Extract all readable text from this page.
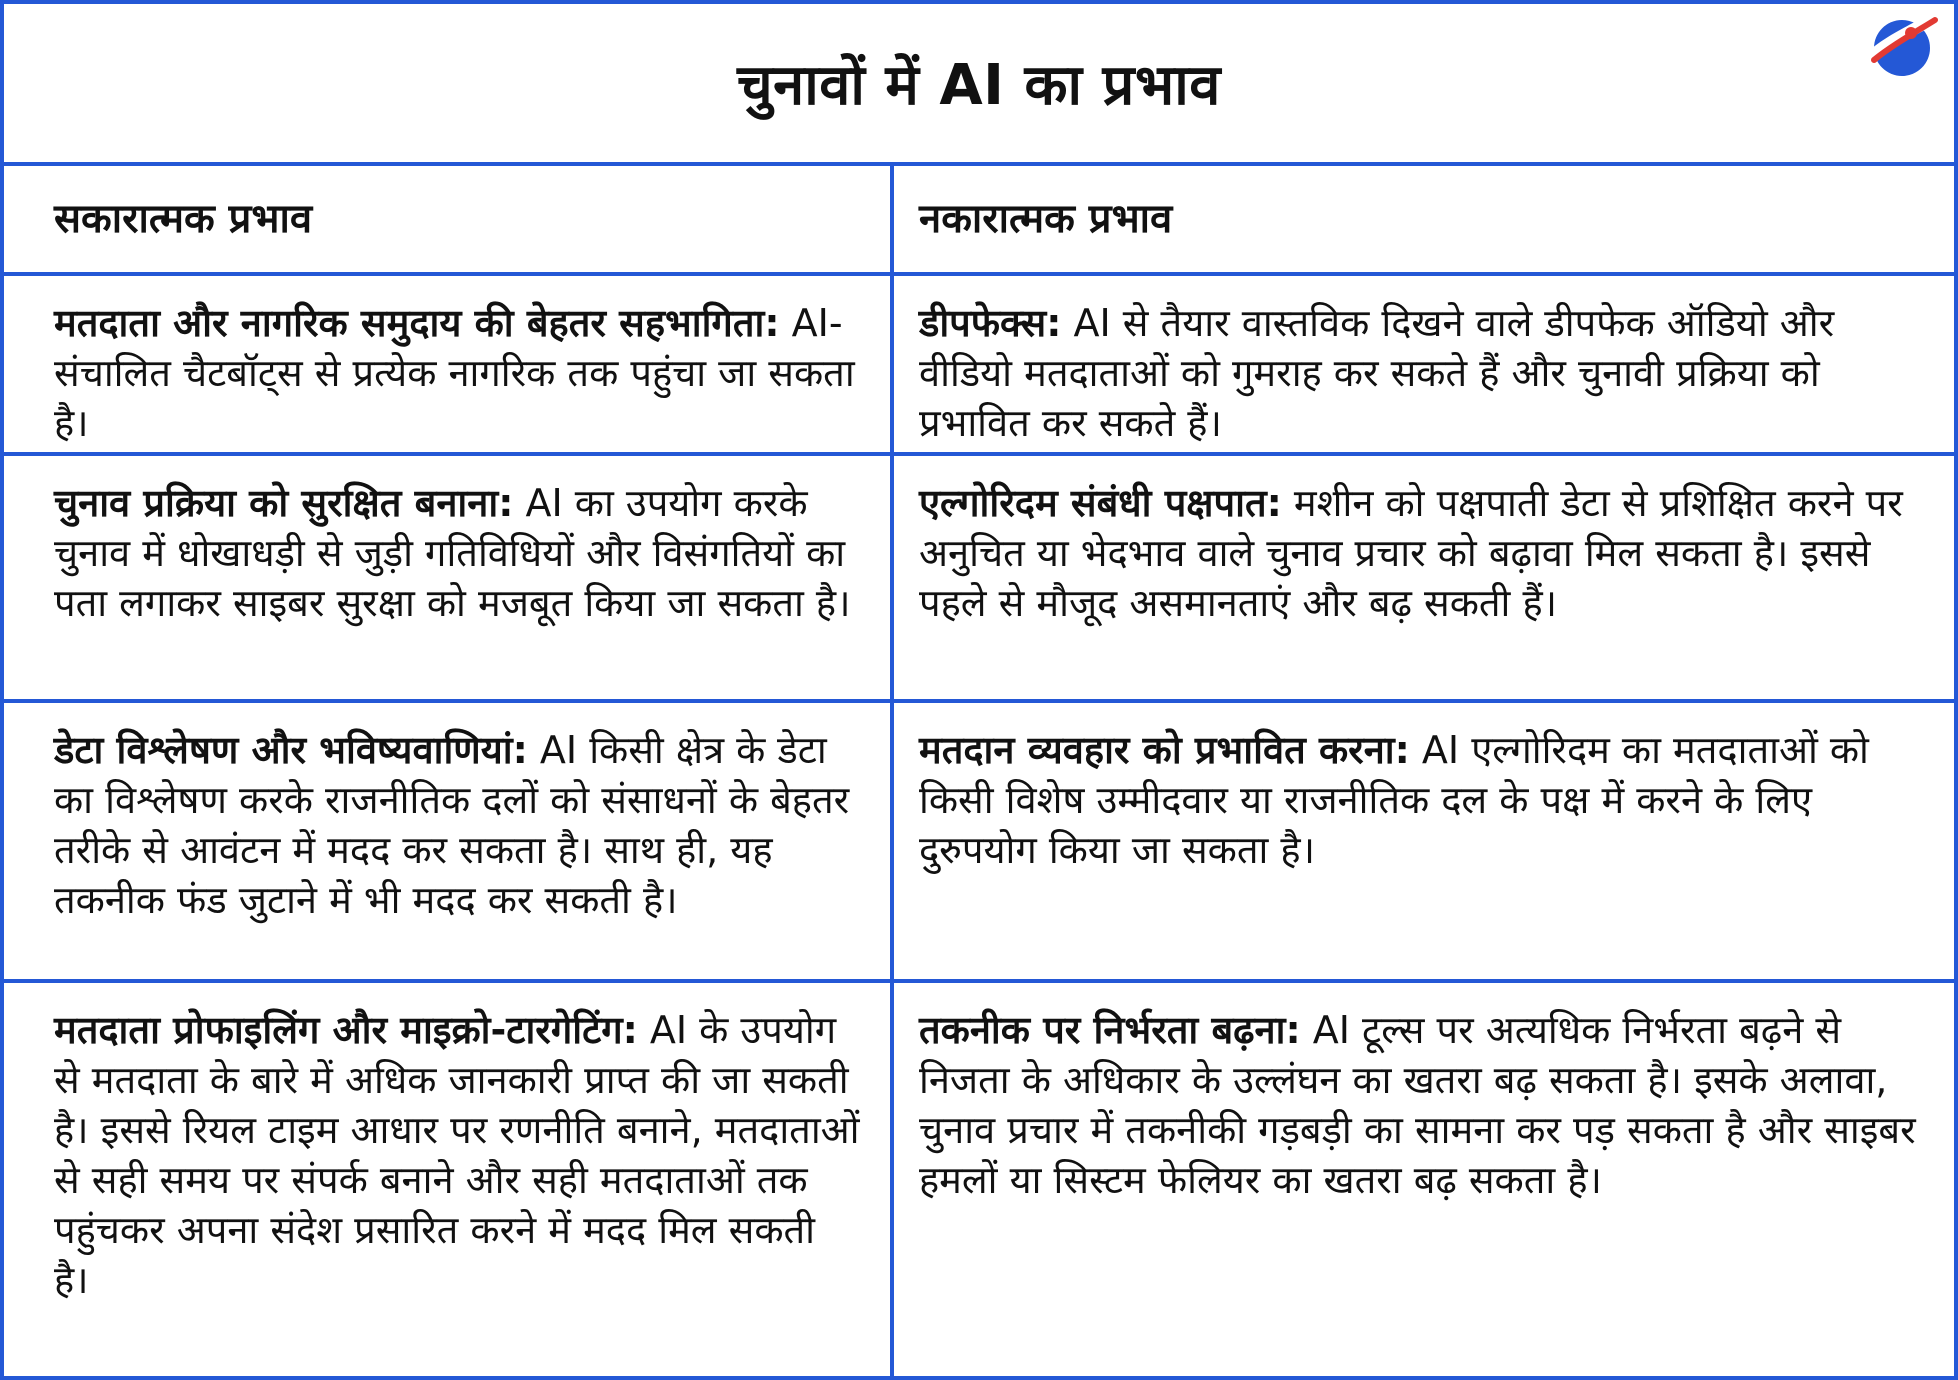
चुनावों में AI का प्रभाव
सकारात्मक प्रभाव	नकारात्मक प्रभाव
मतदाता और नागरिक समुदाय की बेहतर सहभागिता: AI-संचालित चैटबॉट्स से प्रत्येक नागरिक तक पहुंचा जा सकता है।
डीपफेक्स: AI से तैयार वास्तविक दिखने वाले डीपफेक ऑडियो और वीडियो मतदाताओं को गुमराह कर सकते हैं और चुनावी प्रक्रिया को प्रभावित कर सकते हैं।
चुनाव प्रक्रिया को सुरक्षित बनाना: AI का उपयोग करके चुनाव में धोखाधड़ी से जुड़ी गतिविधियों और विसंगतियों का पता लगाकर साइबर सुरक्षा को मजबूत किया जा सकता है।
एल्गोरिदम संबंधी पक्षपात: मशीन को पक्षपाती डेटा से प्रशिक्षित करने पर अनुचित या भेदभाव वाले चुनाव प्रचार को बढ़ावा मिल सकता है। इससे पहले से मौजूद असमानताएं और बढ़ सकती हैं।
डेटा विश्लेषण और भविष्यवाणियां: AI किसी क्षेत्र के डेटा का विश्लेषण करके राजनीतिक दलों को संसाधनों के बेहतर तरीके से आवंटन में मदद कर सकता है। साथ ही, यह तकनीक फंड जुटाने में भी मदद कर सकती है।
मतदान व्यवहार को प्रभावित करना: AI एल्गोरिदम का मतदाताओं को किसी विशेष उम्मीदवार या राजनीतिक दल के पक्ष में करने के लिए दुरुपयोग किया जा सकता है।
मतदाता प्रोफाइलिंग और माइक्रो-टारगेटिंग: AI के उपयोग से मतदाता के बारे में अधिक जानकारी प्राप्त की जा सकती है। इससे रियल टाइम आधार पर रणनीति बनाने, मतदाताओं से सही समय पर संपर्क बनाने और सही मतदाताओं तक पहुंचकर अपना संदेश प्रसारित करने में मदद मिल सकती है।
तकनीक पर निर्भरता बढ़ना: AI टूल्स पर अत्यधिक निर्भरता बढ़ने से निजता के अधिकार के उल्लंघन का खतरा बढ़ सकता है। इसके अलावा, चुनाव प्रचार में तकनीकी गड़बड़ी का सामना कर पड़ सकता है और साइबर हमलों या सिस्टम फेलियर का खतरा बढ़ सकता है।
